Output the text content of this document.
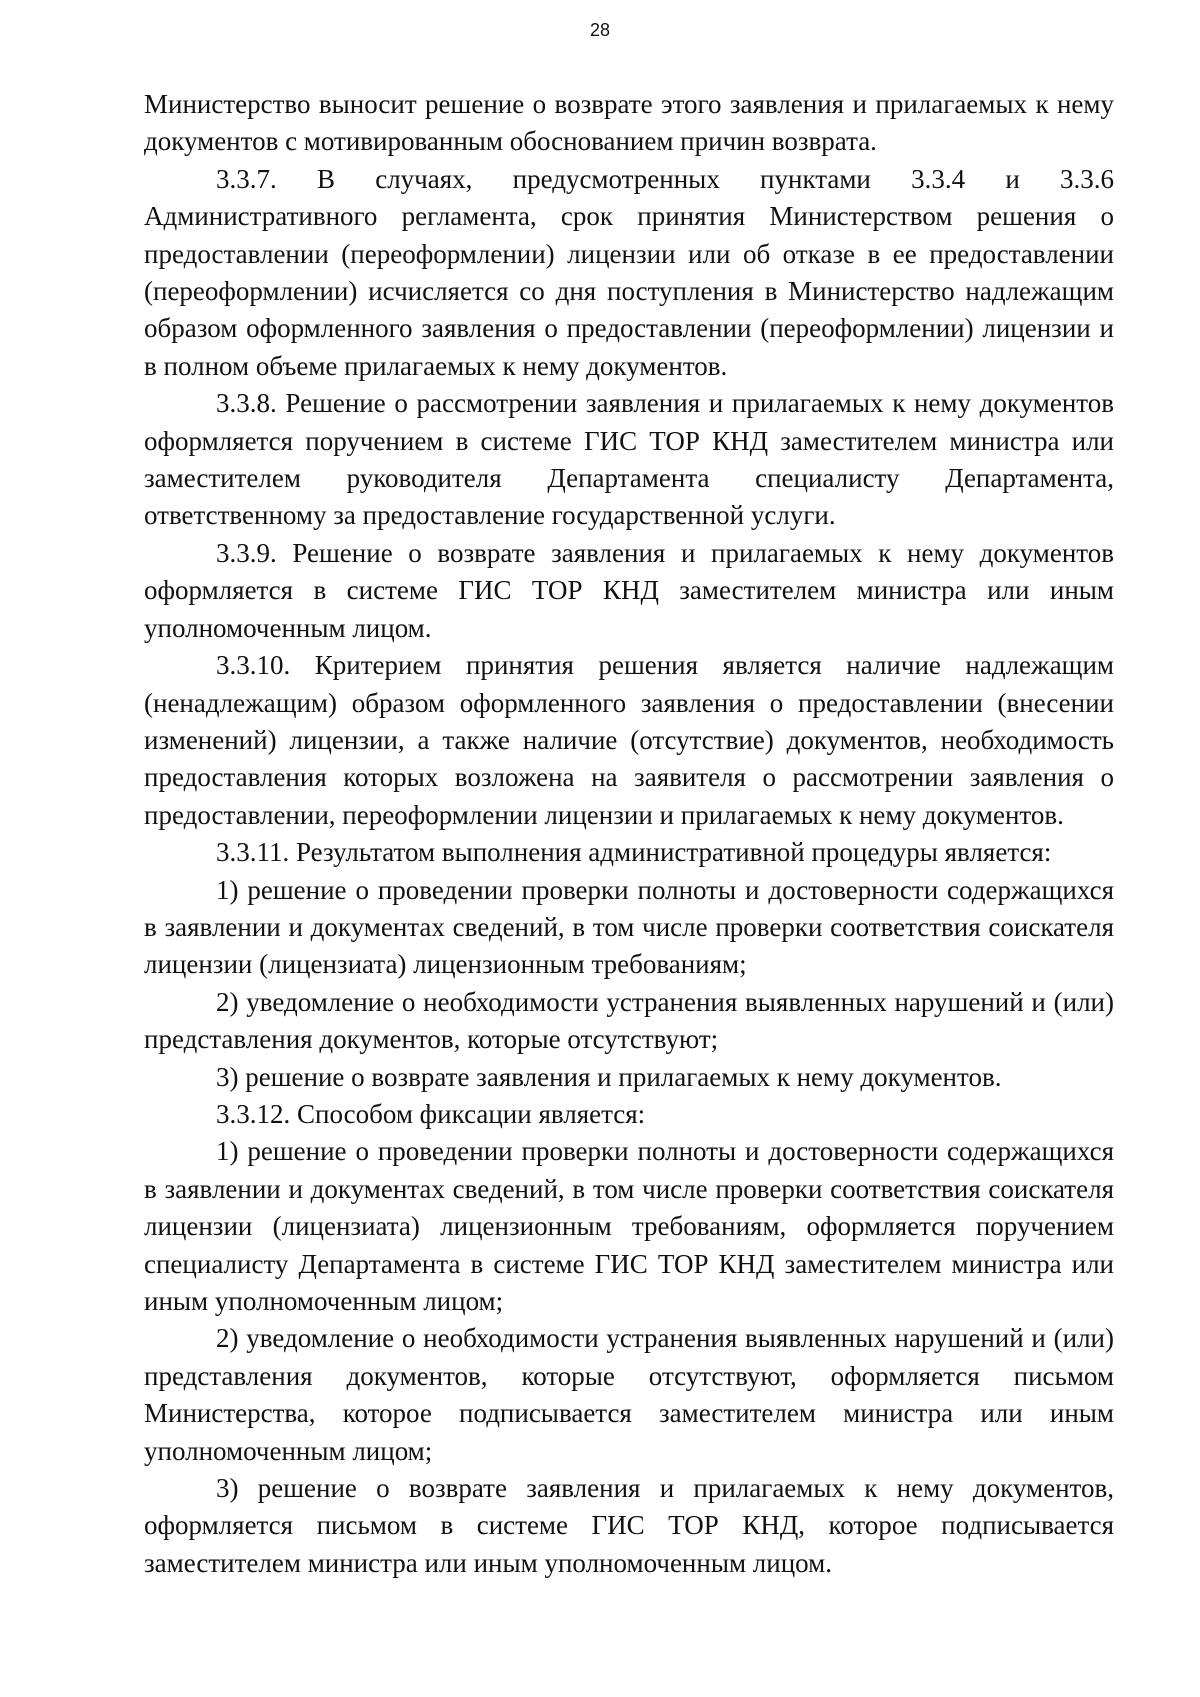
28

Министерство выносит решение о возврате этого заявления и прилагаемых к нему документов с мотивированным обоснованием причин возврата.

3.3.7. В случаях, предусмотренных пунктами 3.3.4 и 3.3.6 Административного регламента, срок принятия Министерством решения о предоставлении (переоформлении) лицензии или об отказе в ее предоставлении (переоформлении) исчисляется со дня поступления в Министерство надлежащим образом оформленного заявления о предоставлении (переоформлении) лицензии и в полном объеме прилагаемых к нему документов.

3.3.8. Решение о рассмотрении заявления и прилагаемых к нему документов оформляется поручением в системе ГИС ТОР КНД заместителем министра или заместителем руководителя Департамента специалисту Департамента, ответственному за предоставление государственной услуги.

3.3.9. Решение о возврате заявления и прилагаемых к нему документов оформляется в системе ГИС ТОР КНД заместителем министра или иным уполномоченным лицом.

3.3.10. Критерием принятия решения является наличие надлежащим (ненадлежащим) образом оформленного заявления о предоставлении (внесении изменений) лицензии, а также наличие (отсутствие) документов, необходимость предоставления которых возложена на заявителя о рассмотрении заявления о предоставлении, переоформлении лицензии и прилагаемых к нему документов.

3.3.11. Результатом выполнения административной процедуры является:

1) решение о проведении проверки полноты и достоверности содержащихся в заявлении и документах сведений, в том числе проверки соответствия соискателя лицензии (лицензиата) лицензионным требованиям;

2) уведомление о необходимости устранения выявленных нарушений и (или) представления документов, которые отсутствуют;

3) решение о возврате заявления и прилагаемых к нему документов.

3.3.12. Способом фиксации является:

1) решение о проведении проверки полноты и достоверности содержащихся в заявлении и документах сведений, в том числе проверки соответствия соискателя лицензии (лицензиата) лицензионным требованиям, оформляется поручением специалисту Департамента в системе ГИС ТОР КНД заместителем министра или иным уполномоченным лицом;

2) уведомление о необходимости устранения выявленных нарушений и (или) представления документов, которые отсутствуют, оформляется письмом Министерства, которое подписывается заместителем министра или иным уполномоченным лицом;

3) решение о возврате заявления и прилагаемых к нему документов, оформляется письмом в системе ГИС ТОР КНД, которое подписывается заместителем министра или иным уполномоченным лицом.
